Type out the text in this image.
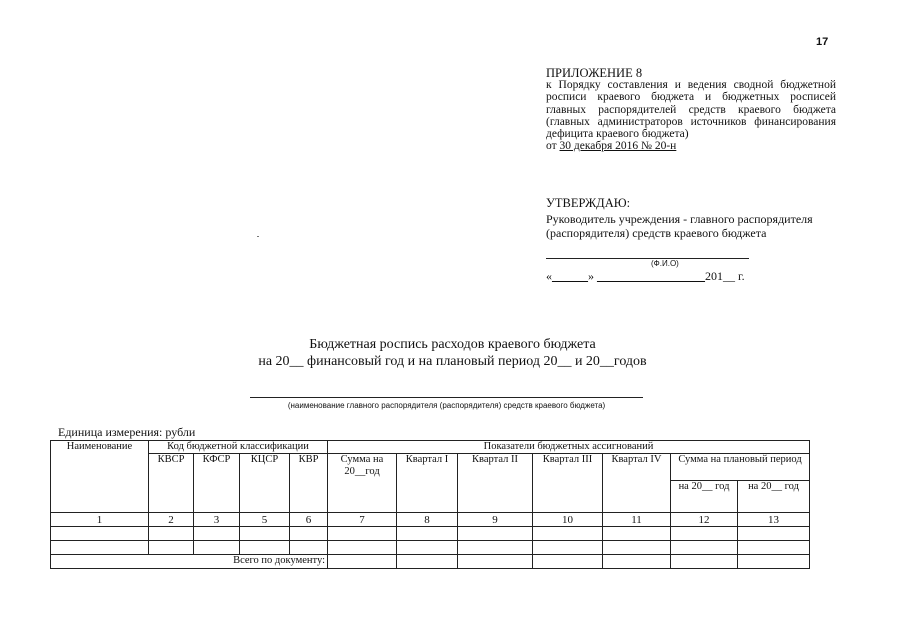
17
ПРИЛОЖЕНИЕ 8
к Порядку составления и ведения сводной бюджетной росписи краевого бюджета и бюджетных росписей главных распорядителей средств краевого бюджета (главных администраторов источников финансирования дефицита краевого бюджета)
от 30 декабря 2016 № 20-н
УТВЕРЖДАЮ:
Руководитель учреждения - главного распорядителя
(распорядителя) средств краевого бюджета
(Ф.И.О)
«______» __________________201__ г.
Бюджетная роспись расходов краевого бюджета
на 20__ финансовый год и на плановый период 20__ и 20__годов
(наименование главного распорядителя (распорядителя) средств краевого бюджета)
Единица измерения: рубли
Наименование	Код бюджетной классификации				Показатели бюджетных ассигнований						
	КВСР	КФСР	КЦСР	КВР	Сумма на 20__год	Квартал I	Квартал II	Квартал III	Квартал IV	Сумма на плановый период	
										на 20__ год	на 20__ год
1	2	3	5	6	7	8	9	10	11	12	13

Всего по документу:											
